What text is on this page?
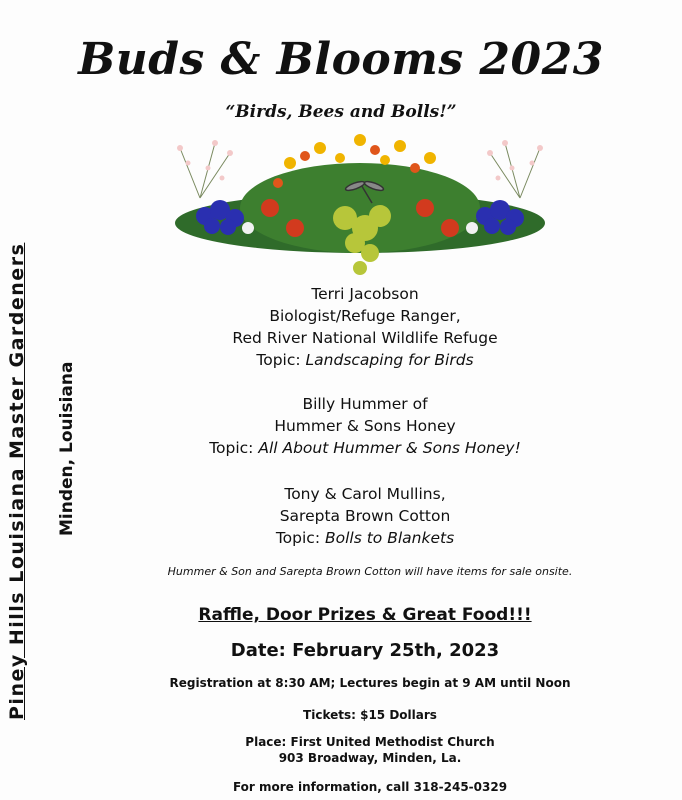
Buds & Blooms 2023
“Birds, Bees and Bolls!”
Piney Hills Louisiana Master Gardeners Minden, Louisiana
Terri Jacobson
Biologist/Refuge Ranger,
Red River National Wildlife Refuge
Topic: Landscaping for Birds
Billy Hummer of
Hummer & Sons Honey
Topic: All About Hummer & Sons Honey!
Tony & Carol Mullins,
Sarepta Brown Cotton
Topic: Bolls to Blankets
Hummer & Son and Sarepta Brown Cotton will have items for sale onsite.
Raffle, Door Prizes & Great Food!!!
Date: February 25th, 2023
Registration at 8:30 AM; Lectures begin at 9 AM until Noon
Tickets: $15 Dollars
Place: First United Methodist Church
903 Broadway, Minden, La.
For more information, call 318-245-0329
